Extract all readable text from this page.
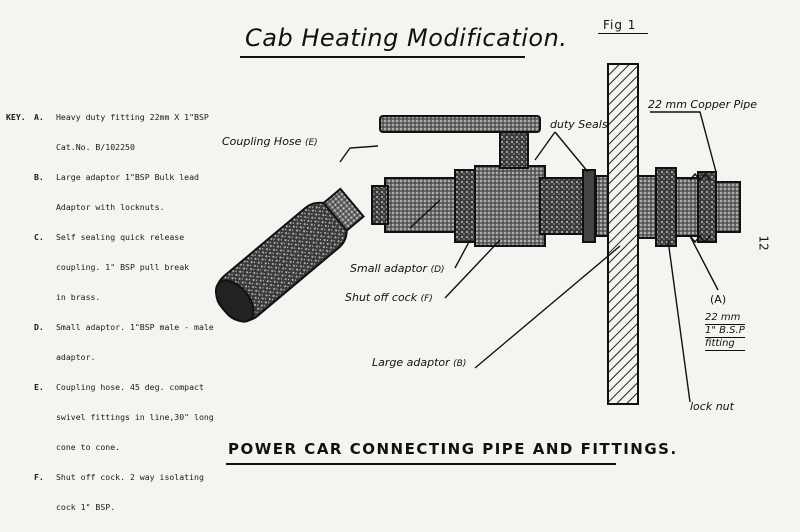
Cab Heating Modification.	Fig 1

KEY. A. Heavy duty fitting 22mm X 1"BSP

Cat.No. B/102250

B. Large adaptor 1"BSP Bulk lead

Adaptor with locknuts.

C. Self sealing quick release

coupling. 1" BSP pull break

in brass.

D. Small adaptor. 1"BSP male - male

adaptor.

E. Coupling hose. 45 deg. compact

swivel fittings in line,30" long

cone to cone.

F. Shut off cock. 2 way isolating

cock 1" BSP.

Coupling Hose (E)
duty Seals
22 mm Copper Pipe
Small adaptor (D)
Shut off cock (F)
Large adaptor (B)
(A)
22 mm
1" B.S.P
fitting
lock nut
12
POWER CAR CONNECTING PIPE AND FITTINGS.
